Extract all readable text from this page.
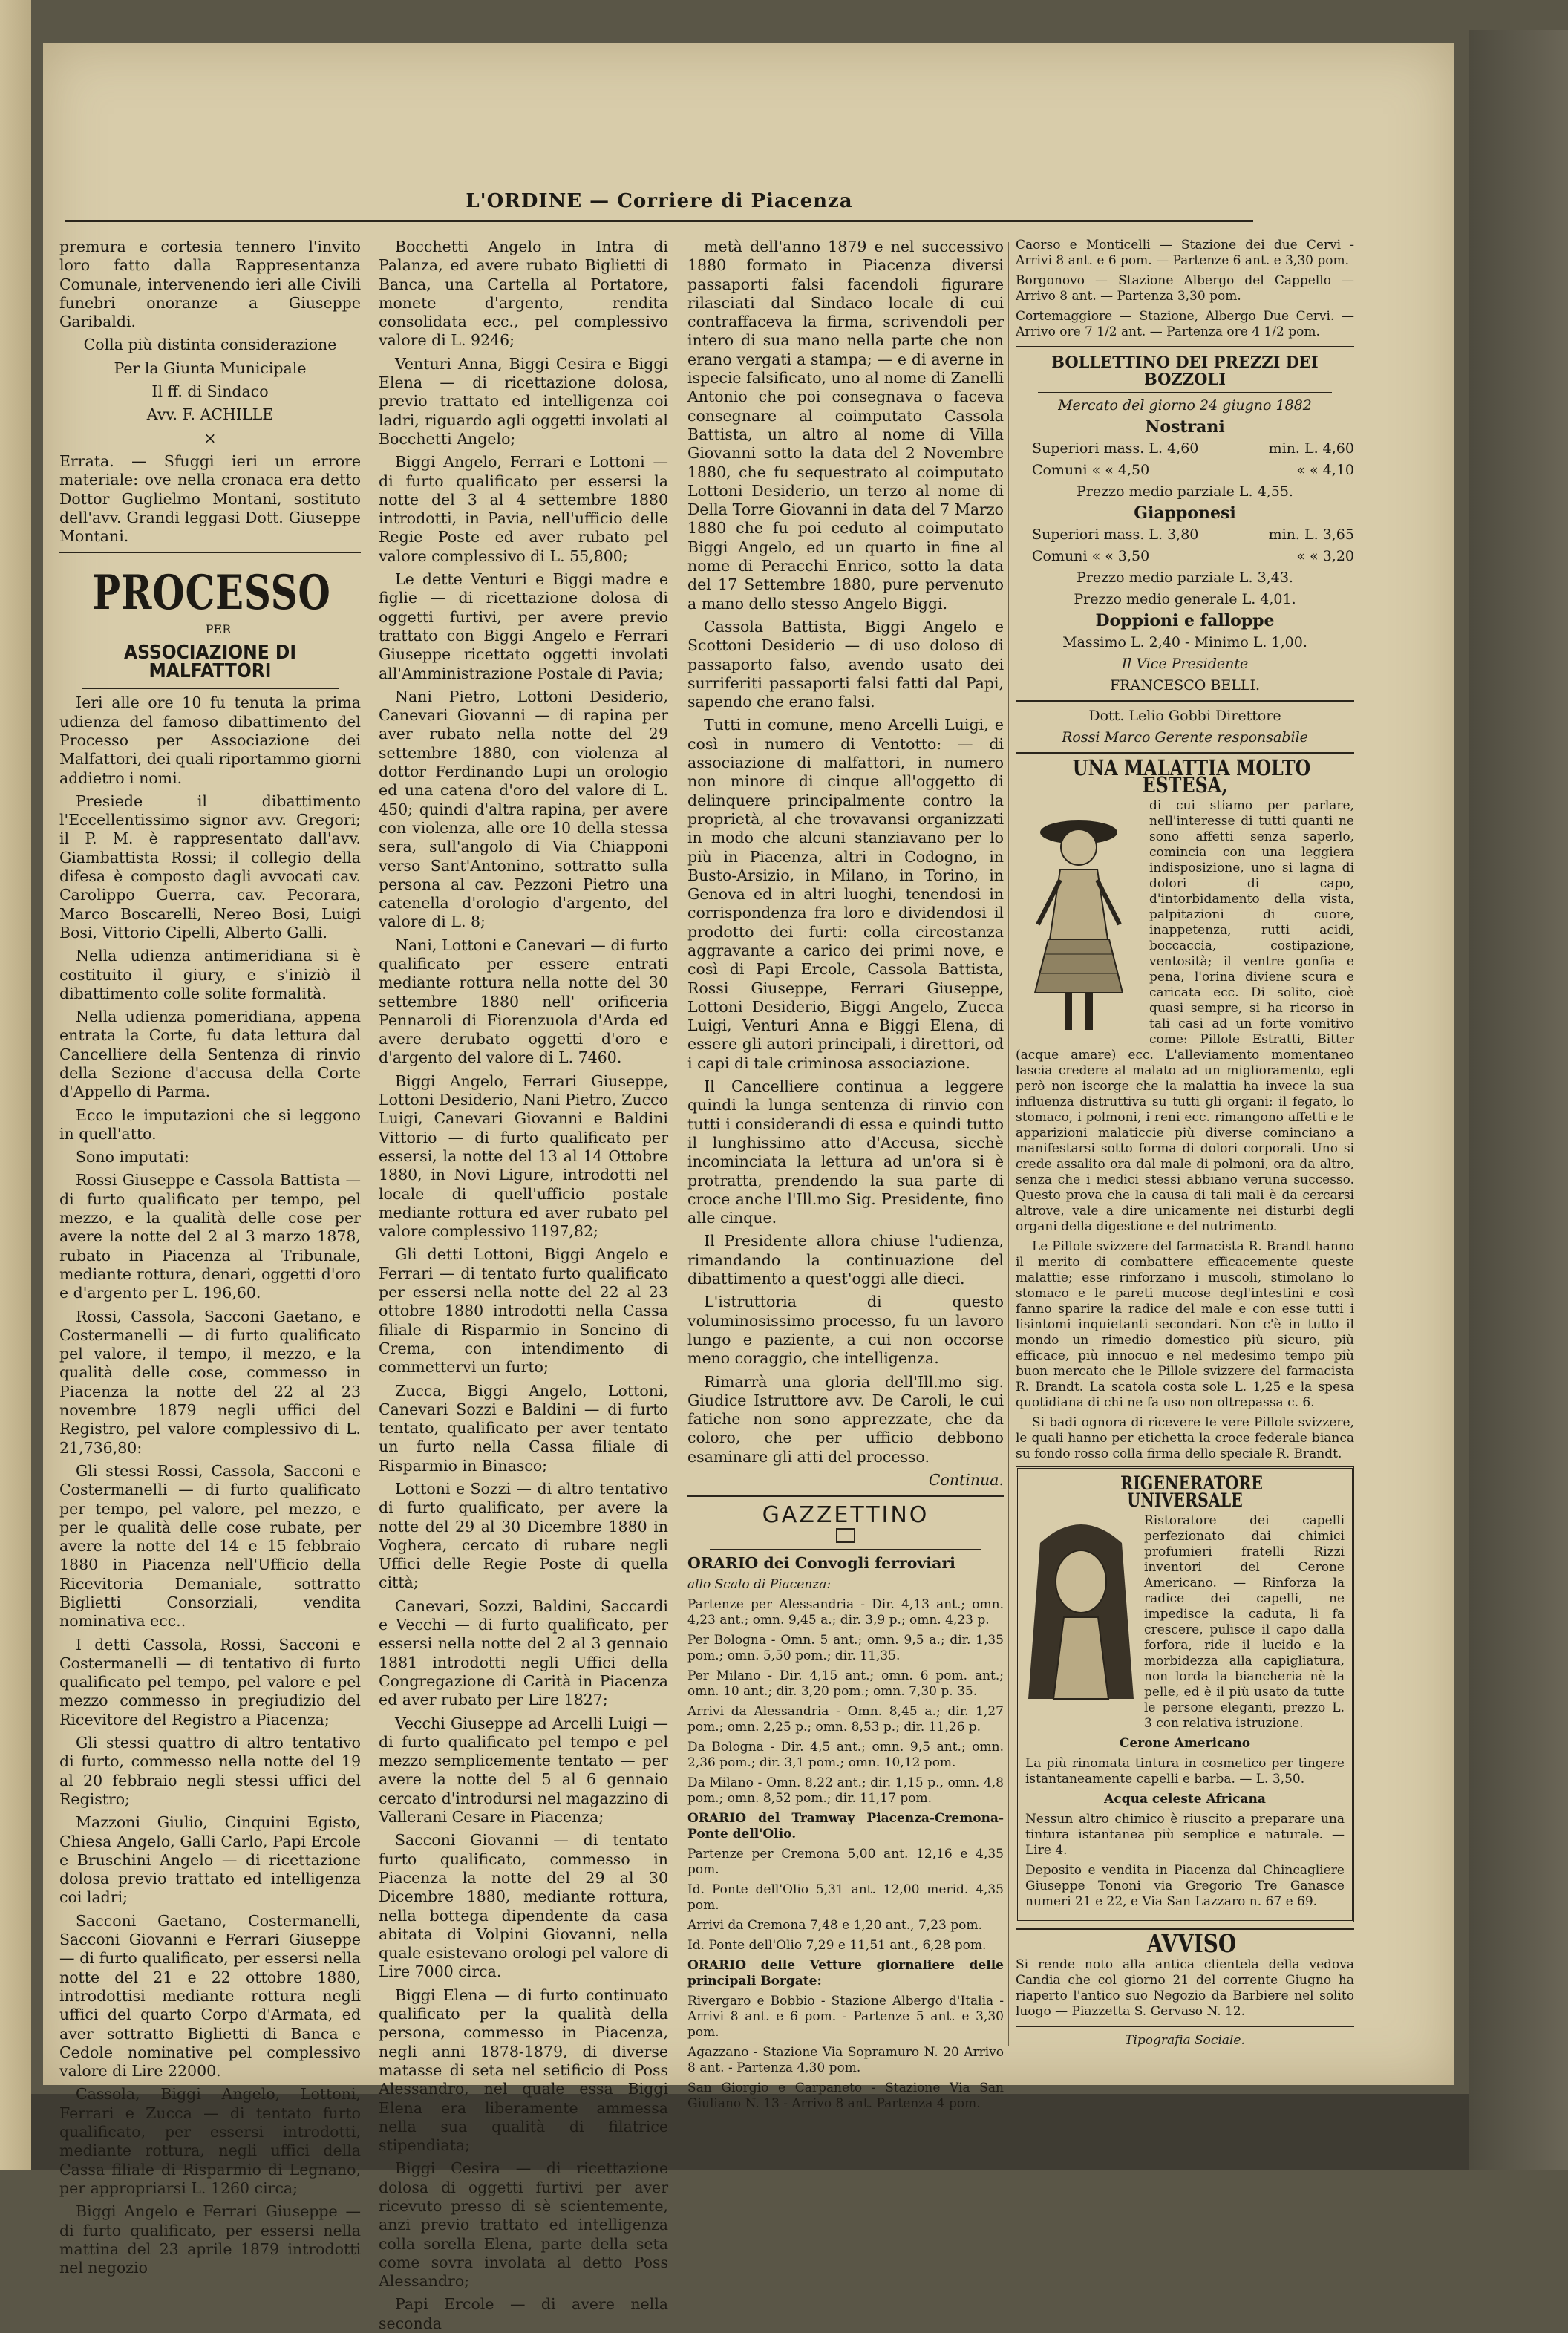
L'ORDINE — Corriere di Piacenza

premura e cortesia tennero l'invito loro fatto dalla Rappresentanza Comunale, intervenendo ieri alle Civili funebri onoranze a Giuseppe Garibaldi.

Colla più distinta considerazione

Per la Giunta Municipale

Il ff. di Sindaco

Avv. F. ACHILLE

×

Errata. — Sfuggi ieri un errore materiale: ove nella cronaca era detto Dottor Guglielmo Montani, sostituto dell'avv. Grandi leggasi Dott. Giuseppe Montani.

PROCESSO

PER

ASSOCIAZIONE DI MALFATTORI

Ieri alle ore 10 fu tenuta la prima udienza del famoso dibattimento del Processo per Associazione dei Malfattori, dei quali riportammo giorni addietro i nomi.

Presiede il dibattimento l'Eccellentissimo signor avv. Gregori; il P. M. è rappresentato dall'avv. Giambattista Rossi; il collegio della difesa è composto dagli avvocati cav. Carolippo Guerra, cav. Pecorara, Marco Boscarelli, Nereo Bosi, Luigi Bosi, Vittorio Cipelli, Alberto Galli.

Nella udienza antimeridiana si è costituito il giury, e s'iniziò il dibattimento colle solite formalità.

Nella udienza pomeridiana, appena entrata la Corte, fu data lettura dal Cancelliere della Sentenza di rinvio della Sezione d'accusa della Corte d'Appello di Parma.

Ecco le imputazioni che si leggono in quell'atto.

Sono imputati:

Rossi Giuseppe e Cassola Battista — di furto qualificato per tempo, pel mezzo, e la qualità delle cose per avere la notte del 2 al 3 marzo 1878, rubato in Piacenza al Tribunale, mediante rottura, denari, oggetti d'oro e d'argento per L. 196,60.

Rossi, Cassola, Sacconi Gaetano, e Costermanelli — di furto qualificato pel valore, il tempo, il mezzo, e la qualità delle cose, commesso in Piacenza la notte del 22 al 23 novembre 1879 negli uffici del Registro, pel valore complessivo di L. 21,736,80:

Gli stessi Rossi, Cassola, Sacconi e Costermanelli — di furto qualificato per tempo, pel valore, pel mezzo, e per le qualità delle cose rubate, per avere la notte del 14 e 15 febbraio 1880 in Piacenza nell'Ufficio della Ricevitoria Demaniale, sottratto Biglietti Consorziali, vendita nominativa ecc..

I detti Cassola, Rossi, Sacconi e Costermanelli — di tentativo di furto qualificato pel tempo, pel valore e pel mezzo commesso in pregiudizio del Ricevitore del Registro a Piacenza;

Gli stessi quattro di altro tentativo di furto, commesso nella notte del 19 al 20 febbraio negli stessi uffici del Registro;

Mazzoni Giulio, Cinquini Egisto, Chiesa Angelo, Galli Carlo, Papi Ercole e Bruschini Angelo — di ricettazione dolosa previo trattato ed intelligenza coi ladri;

Sacconi Gaetano, Costermanelli, Sacconi Giovanni e Ferrari Giuseppe — di furto qualificato, per essersi nella notte del 21 e 22 ottobre 1880, introdottisi mediante rottura negli uffici del quarto Corpo d'Armata, ed aver sottratto Biglietti di Banca e Cedole nominative pel complessivo valore di Lire 22000.

Cassola, Biggi Angelo, Lottoni, Ferrari e Zucca — di tentato furto qualificato, per essersi introdotti, mediante rottura, negli uffici della Cassa filiale di Risparmio di Legnano, per appropriarsi L. 1260 circa;

Biggi Angelo e Ferrari Giuseppe — di furto qualificato, per essersi nella mattina del 23 aprile 1879 introdotti nel negozio

Bocchetti Angelo in Intra di Palanza, ed avere rubato Biglietti di Banca, una Cartella al Portatore, monete d'argento, rendita consolidata ecc., pel complessivo valore di L. 9246;

Venturi Anna, Biggi Cesira e Biggi Elena — di ricettazione dolosa, previo trattato ed intelligenza coi ladri, riguardo agli oggetti involati al Bocchetti Angelo;

Biggi Angelo, Ferrari e Lottoni — di furto qualificato per essersi la notte del 3 al 4 settembre 1880 introdotti, in Pavia, nell'ufficio delle Regie Poste ed aver rubato pel valore complessivo di L. 55,800;

Le dette Venturi e Biggi madre e figlie — di ricettazione dolosa di oggetti furtivi, per avere previo trattato con Biggi Angelo e Ferrari Giuseppe ricettato oggetti involati all'Amministrazione Postale di Pavia;

Nani Pietro, Lottoni Desiderio, Canevari Giovanni — di rapina per aver rubato nella notte del 29 settembre 1880, con violenza al dottor Ferdinando Lupi un orologio ed una catena d'oro del valore di L. 450; quindi d'altra rapina, per avere con violenza, alle ore 10 della stessa sera, sull'angolo di Via Chiapponi verso Sant'Antonino, sottratto sulla persona al cav. Pezzoni Pietro una catenella d'orologio d'argento, del valore di L. 8;

Nani, Lottoni e Canevari — di furto qualificato per essere entrati mediante rottura nella notte del 30 settembre 1880 nell' orificeria Pennaroli di Fiorenzuola d'Arda ed avere derubato oggetti d'oro e d'argento del valore di L. 7460.

Biggi Angelo, Ferrari Giuseppe, Lottoni Desiderio, Nani Pietro, Zucco Luigi, Canevari Giovanni e Baldini Vittorio — di furto qualificato per essersi, la notte del 13 al 14 Ottobre 1880, in Novi Ligure, introdotti nel locale di quell'ufficio postale mediante rottura ed aver rubato pel valore complessivo 1197,82;

Gli detti Lottoni, Biggi Angelo e Ferrari — di tentato furto qualificato per essersi nella notte del 22 al 23 ottobre 1880 introdotti nella Cassa filiale di Risparmio in Soncino di Crema, con intendimento di commettervi un furto;

Zucca, Biggi Angelo, Lottoni, Canevari Sozzi e Baldini — di furto tentato, qualificato per aver tentato un furto nella Cassa filiale di Risparmio in Binasco;

Lottoni e Sozzi — di altro tentativo di furto qualificato, per avere la notte del 29 al 30 Dicembre 1880 in Voghera, cercato di rubare negli Uffici delle Regie Poste di quella città;

Canevari, Sozzi, Baldini, Saccardi e Vecchi — di furto qualificato, per essersi nella notte del 2 al 3 gennaio 1881 introdotti negli Uffici della Congregazione di Carità in Piacenza ed aver rubato per Lire 1827;

Vecchi Giuseppe ad Arcelli Luigi — di furto qualificato pel tempo e pel mezzo semplicemente tentato — per avere la notte del 5 al 6 gennaio cercato d'introdursi nel magazzino di Vallerani Cesare in Piacenza;

Sacconi Giovanni — di tentato furto qualificato, commesso in Piacenza la notte del 29 al 30 Dicembre 1880, mediante rottura, nella bottega dipendente da casa abitata di Volpini Giovanni, nella quale esistevano orologi pel valore di Lire 7000 circa.

Biggi Elena — di furto continuato qualificato per la qualità della persona, commesso in Piacenza, negli anni 1878-1879, di diverse matasse di seta nel setificio di Poss Alessandro, nel quale essa Biggi Elena era liberamente ammessa nella sua qualità di filatrice stipendiata;

Biggi Cesira — di ricettazione dolosa di oggetti furtivi per aver ricevuto presso di sè scientemente, anzi previo trattato ed intelligenza colla sorella Elena, parte della seta come sovra involata al detto Poss Alessandro;

Papi Ercole — di avere nella seconda

metà dell'anno 1879 e nel successivo 1880 formato in Piacenza diversi passaporti falsi facendoli figurare rilasciati dal Sindaco locale di cui contraffaceva la firma, scrivendoli per intero di sua mano nella parte che non erano vergati a stampa; — e di averne in ispecie falsificato, uno al nome di Zanelli Antonio che poi consegnava o faceva consegnare al coimputato Cassola Battista, un altro al nome di Villa Giovanni sotto la data del 2 Novembre 1880, che fu sequestrato al coimputato Lottoni Desiderio, un terzo al nome di Della Torre Giovanni in data del 7 Marzo 1880 che fu poi ceduto al coimputato Biggi Angelo, ed un quarto in fine al nome di Peracchi Enrico, sotto la data del 17 Settembre 1880, pure pervenuto a mano dello stesso Angelo Biggi.

Cassola Battista, Biggi Angelo e Scottoni Desiderio — di uso doloso di passaporto falso, avendo usato dei surriferiti passaporti falsi fatti dal Papi, sapendo che erano falsi.

Tutti in comune, meno Arcelli Luigi, e così in numero di Ventotto: — di associazione di malfattori, in numero non minore di cinque all'oggetto di delinquere principalmente contro la proprietà, al che trovavansi organizzati in modo che alcuni stanziavano per lo più in Piacenza, altri in Codogno, in Busto-Arsizio, in Milano, in Torino, in Genova ed in altri luoghi, tenendosi in corrispondenza fra loro e dividendosi il prodotto dei furti: colla circostanza aggravante a carico dei primi nove, e così di Papi Ercole, Cassola Battista, Rossi Giuseppe, Ferrari Giuseppe, Lottoni Desiderio, Biggi Angelo, Zucca Luigi, Venturi Anna e Biggi Elena, di essere gli autori principali, i direttori, od i capi di tale criminosa associazione.

Il Cancelliere continua a leggere quindi la lunga sentenza di rinvio con tutti i considerandi di essa e quindi tutto il lunghissimo atto d'Accusa, sicchè incominciata la lettura ad un'ora si è protratta, prendendo la sua parte di croce anche l'Ill.mo Sig. Presidente, fino alle cinque.

Il Presidente allora chiuse l'udienza, rimandando la continuazione del dibattimento a quest'oggi alle dieci.

L'istruttoria di questo voluminosissimo processo, fu un lavoro lungo e paziente, a cui non occorse meno coraggio, che intelligenza.

Rimarrà una gloria dell'Ill.mo sig. Giudice Istruttore avv. De Caroli, le cui fatiche non sono apprezzate, che da coloro, che per ufficio debbono esaminare gli atti del processo.

Continua.

GAZZETTINO

ORARIO dei Convogli ferroviari

allo Scalo di Piacenza:

Partenze per Alessandria - Dir. 4,13 ant.; omn. 4,23 ant.; omn. 9,45 a.; dir. 3,9 p.; omn. 4,23 p.

Per Bologna - Omn. 5 ant.; omn. 9,5 a.; dir. 1,35 pom.; omn. 5,50 pom.; dir. 11,35.

Per Milano - Dir. 4,15 ant.; omn. 6 pom. ant.; omn. 10 ant.; dir. 3,20 pom.; omn. 7,30 p. 35.

Arrivi da Alessandria - Omn. 8,45 a.; dir. 1,27 pom.; omn. 2,25 p.; omn. 8,53 p.; dir. 11,26 p.

Da Bologna - Dir. 4,5 ant.; omn. 9,5 ant.; omn. 2,36 pom.; dir. 3,1 pom.; omn. 10,12 pom.

Da Milano - Omn. 8,22 ant.; dir. 1,15 p., omn. 4,8 pom.; omn. 8,52 pom.; dir. 11,17 pom.

ORARIO del Tramway Piacenza-Cremona-Ponte dell'Olio.

Partenze per Cremona 5,00 ant. 12,16 e 4,35 pom.

Id. Ponte dell'Olio 5,31 ant. 12,00 merid. 4,35 pom.

Arrivi da Cremona 7,48 e 1,20 ant., 7,23 pom.

Id. Ponte dell'Olio 7,29 e 11,51 ant., 6,28 pom.

ORARIO delle Vetture giornaliere delle principali Borgate:

Rivergaro e Bobbio - Stazione Albergo d'Italia - Arrivi 8 ant. e 6 pom. - Partenze 5 ant. e 3,30 pom.

Agazzano - Stazione Via Sopramuro N. 20 Arrivo 8 ant. - Partenza 4,30 pom.

San Giorgio e Carpaneto - Stazione Via San Giuliano N. 13 - Arrivo 8 ant. Partenza 4 pom.

Caorso e Monticelli — Stazione dei due Cervi - Arrivi 8 ant. e 6 pom. — Partenze 6 ant. e 3,30 pom.

Borgonovo — Stazione Albergo del Cappello — Arrivo 8 ant. — Partenza 3,30 pom.

Cortemaggiore — Stazione, Albergo Due Cervi. — Arrivo ore 7 1/2 ant. — Partenza ore 4 1/2 pom.

BOLLETTINO DEI PREZZI DEI BOZZOLI

Mercato del giorno 24 giugno 1882

Nostrani

Superiori mass. L. 4,60	min. L. 4,60

Comuni « « 4,50	« « 4,10

Prezzo medio parziale L. 4,55.

Giapponesi

Superiori mass. L. 3,80	min. L. 3,65

Comuni « « 3,50	« « 3,20

Prezzo medio parziale L. 3,43.

Prezzo medio generale L. 4,01.

Doppioni e falloppe

Massimo L. 2,40 - Minimo L. 1,00.

Il Vice Presidente

FRANCESCO BELLI.

Dott. Lelio Gobbi Direttore

Rossi Marco Gerente responsabile

UNA MALATTIA MOLTO ESTESA,

di cui stiamo per parlare, nell'interesse di tutti quanti ne sono affetti senza saperlo, comincia con una leggiera indisposizione, uno si lagna di dolori di capo, d'intorbidamento della vista, palpitazioni di cuore, inappetenza, rutti acidi, boccaccia, costipazione, ventosità; il ventre gonfia e pena, l'orina diviene scura e caricata ecc. Di solito, cioè quasi sempre, si ha ricorso in tali casi ad un forte vomitivo come: Pillole Estratti, Bitter (acque amare) ecc. L'alleviamento momentaneo lascia credere al malato ad un miglioramento, egli però non iscorge che la malattia ha invece la sua influenza distruttiva su tutti gli organi: il fegato, lo stomaco, i polmoni, i reni ecc. rimangono affetti e le apparizioni malaticcie più diverse cominciano a manifestarsi sotto forma di dolori corporali. Uno si crede assalito ora dal male di polmoni, ora da altro, senza che i medici stessi abbiano veruna successo. Questo prova che la causa di tali mali è da cercarsi altrove, vale a dire unicamente nei disturbi degli organi della digestione e del nutrimento.

Le Pillole svizzere del farmacista R. Brandt hanno il merito di combattere efficacemente queste malattie; esse rinforzano i muscoli, stimolano lo stomaco e le pareti mucose degl'intestini e così fanno sparire la radice del male e con esse tutti i lisintomi inquietanti secondari. Non c'è in tutto il mondo un rimedio domestico più sicuro, più efficace, più innocuo e nel medesimo tempo più buon mercato che le Pillole svizzere del farmacista R. Brandt. La scatola costa sole L. 1,25 e la spesa quotidiana di chi ne fa uso non oltrepassa c. 6.

Si badi ognora di ricevere le vere Pillole svizzere, le quali hanno per etichetta la croce federale bianca su fondo rosso colla firma dello speciale R. Brandt.

RIGENERATORE UNIVERSALE

Ristoratore dei capelli perfezionato dai chimici profumieri fratelli Rizzi inventori del Cerone Americano. — Rinforza la radice dei capelli, ne impedisce la caduta, li fa crescere, pulisce il capo dalla forfora, ride il lucido e la morbidezza alla capigliatura, non lorda la biancheria nè la pelle, ed è il più usato da tutte le persone eleganti, prezzo L. 3 con relativa istruzione.

Cerone Americano

La più rinomata tintura in cosmetico per tingere istantaneamente capelli e barba. — L. 3,50.

Acqua celeste Africana

Nessun altro chimico è riuscito a preparare una tintura istantanea più semplice e naturale. — Lire 4.

Deposito e vendita in Piacenza dal Chincagliere Giuseppe Tononi via Gregorio Tre Ganasce numeri 21 e 22, e Via San Lazzaro n. 67 e 69.

AVVISO

Si rende noto alla antica clientela della vedova Candia che col giorno 21 del corrente Giugno ha riaperto l'antico suo Negozio da Barbiere nel solito luogo — Piazzetta S. Gervaso N. 12.

Tipografia Sociale.
